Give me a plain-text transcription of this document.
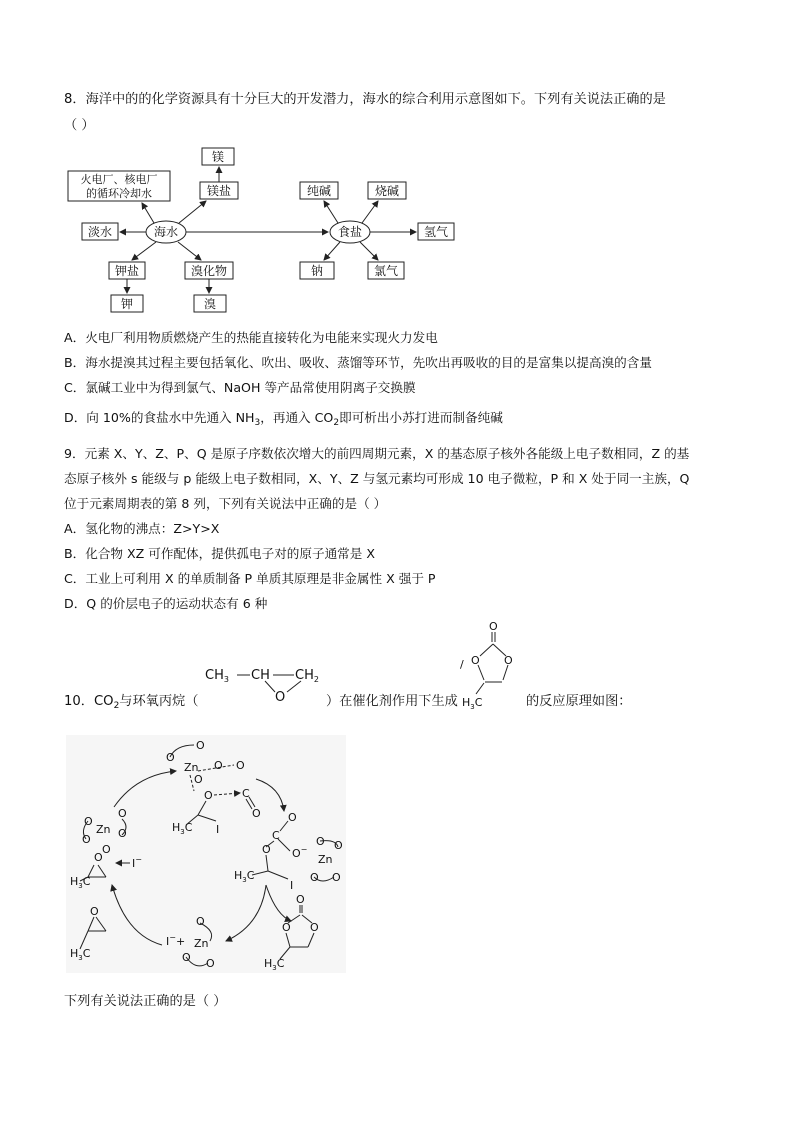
8．海洋中的的化学资源具有十分巨大的开发潜力，海水的综合利用示意图如下。下列有关说法正确的是
（ ）
镁
镁盐
火电厂、核电厂
的循环冷却水
淡水	海水
钾盐	溴化物
钾	溴
纯碱	烧碱
食盐	氢气
钠	氯气
A．火电厂利用物质燃烧产生的热能直接转化为电能来实现火力发电
B．海水提溴其过程主要包括氧化、吹出、吸收、蒸馏等环节，先吹出再吸收的目的是富集以提高溴的含量
C．氯碱工业中为得到氯气、NaOH 等产品常使用阴离子交换膜
D．向 10%的食盐水中先通入 $NH_3$，再通入 $CO_2$即可析出小苏打进而制备纯碱
9．元素 X、Y、Z、P、Q 是原子序数依次增大的前四周期元素，X 的基态原子核外各能级上电子数相同，Z 的基
态原子核外 s 能级与 p 能级上电子数相同，X、Y、Z 与氢元素均可形成 10 电子微粒，P 和 X 处于同一主族，Q
位于元素周期表的第 8 列，下列有关说法中正确的是（ ）
A．氢化物的沸点：Z>Y>X
B．化合物 XZ 可作配体，提供孤电子对的原子通常是 X
C．工业上可利用 X 的单质制备 P 单质其原理是非金属性 X 强于 P
D．Q 的价层电子的运动状态有 6 种
10．$CO_2$与环氧丙烷（
$CH_3$ CH $CH_2$
O	）在催化剂作用下生成
O
O O
$H_3C$
/
的反应原理如图：
Zn
O
O
O
O O
O	C
O
I
$H_3C$
Zn
O
O
O
O
O
O
$H_3C$
I−
O
C
O O−
Zn
O O
O O
$H_3C$
I
O
$H_3C$
I−+ Zn
O
O O
O
O O
$H_3C$
下列有关说法正确的是（ ）
